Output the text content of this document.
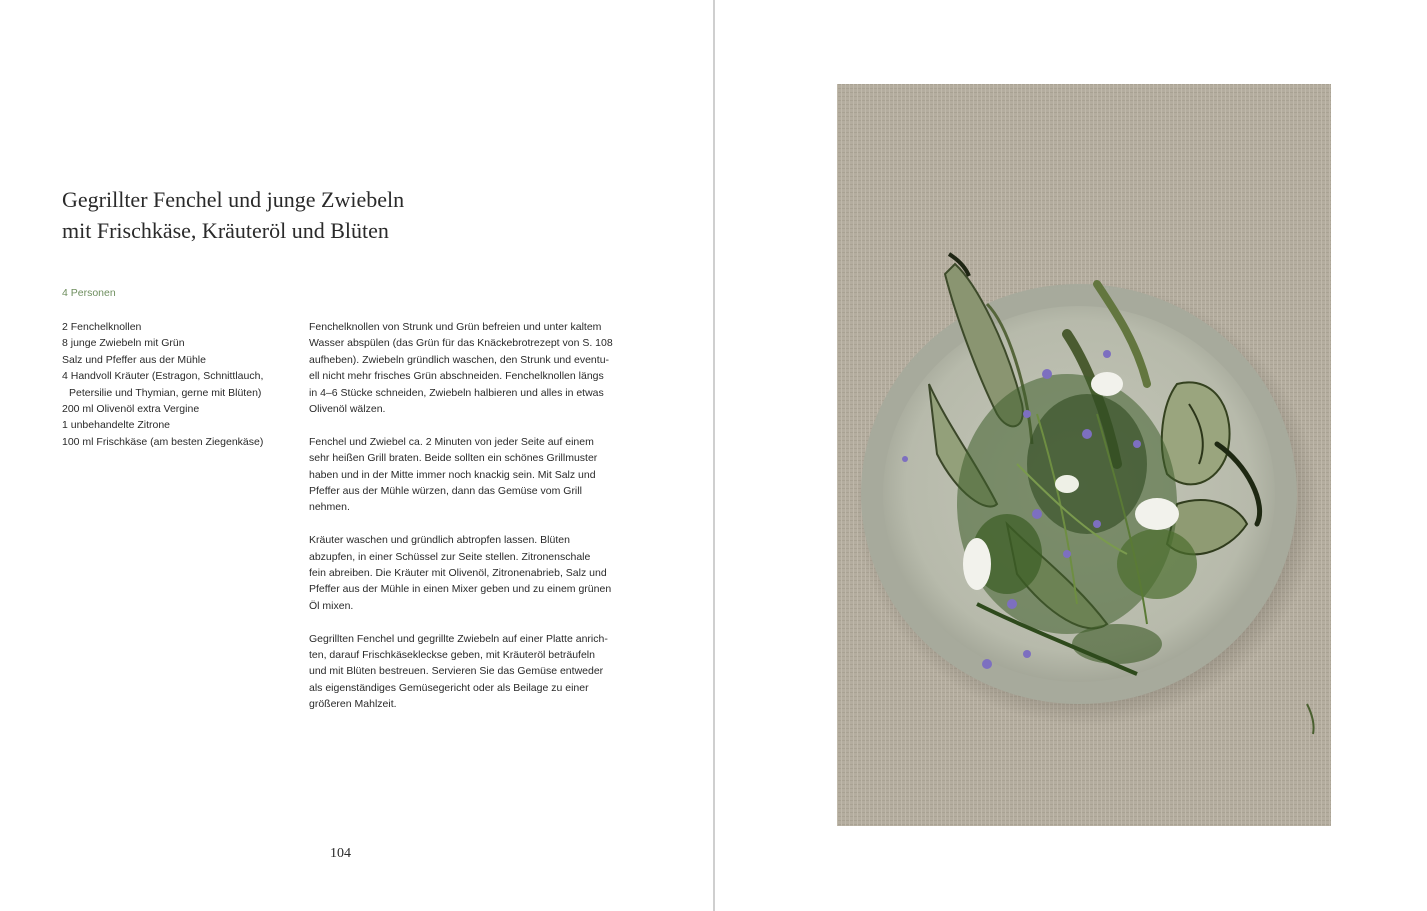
Gegrillter Fenchel und junge Zwiebeln
mit Frischkäse, Kräuteröl und Blüten

4 Personen

2 Fenchelknollen
8 junge Zwiebeln mit Grün
Salz und Pfeffer aus der Mühle
4 Handvoll Kräuter (Estragon, Schnittlauch,
Petersilie und Thymian, gerne mit Blüten)
200 ml Olivenöl extra Vergine
1 unbehandelte Zitrone
100 ml Frischkäse (am besten Ziegenkäse)

Fenchelknollen von Strunk und Grün befreien und unter kaltem
Wasser abspülen (das Grün für das Knäckebrotrezept von S. 108
aufheben). Zwiebeln gründlich waschen, den Strunk und eventu-
ell nicht mehr frisches Grün abschneiden. Fenchelknollen längs
in 4–6 Stücke schneiden, Zwiebeln halbieren und alles in etwas
Olivenöl wälzen.

Fenchel und Zwiebel ca. 2 Minuten von jeder Seite auf einem
sehr heißen Grill braten. Beide sollten ein schönes Grillmuster
haben und in der Mitte immer noch knackig sein. Mit Salz und
Pfeffer aus der Mühle würzen, dann das Gemüse vom Grill
nehmen.

Kräuter waschen und gründlich abtropfen lassen. Blüten
abzupfen, in einer Schüssel zur Seite stellen. Zitronenschale
fein abreiben. Die Kräuter mit Olivenöl, Zitronenabrieb, Salz und
Pfeffer aus der Mühle in einen Mixer geben und zu einem grünen
Öl mixen.

Gegrillten Fenchel und gegrillte Zwiebeln auf einer Platte anrich-
ten, darauf Frischkäsekleckse geben, mit Kräuteröl beträufeln
und mit Blüten bestreuen. Servieren Sie das Gemüse entweder
als eigenständiges Gemüsegericht oder als Beilage zu einer
größeren Mahlzeit.

104
